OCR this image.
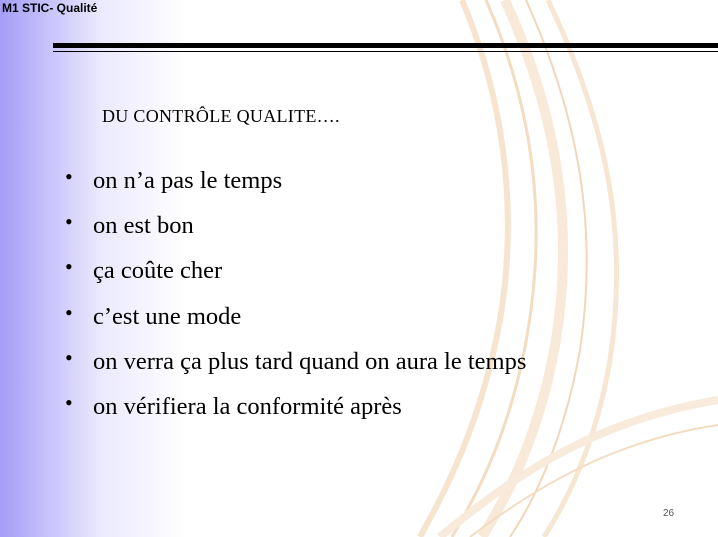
M1 STIC- Qualité
DU CONTRÔLE QUALITE….
• on n’a pas le temps
• on est bon
• ça coûte cher
• c’est une mode
• on verra ça plus tard quand on aura le temps
• on vérifiera la conformité après
26
